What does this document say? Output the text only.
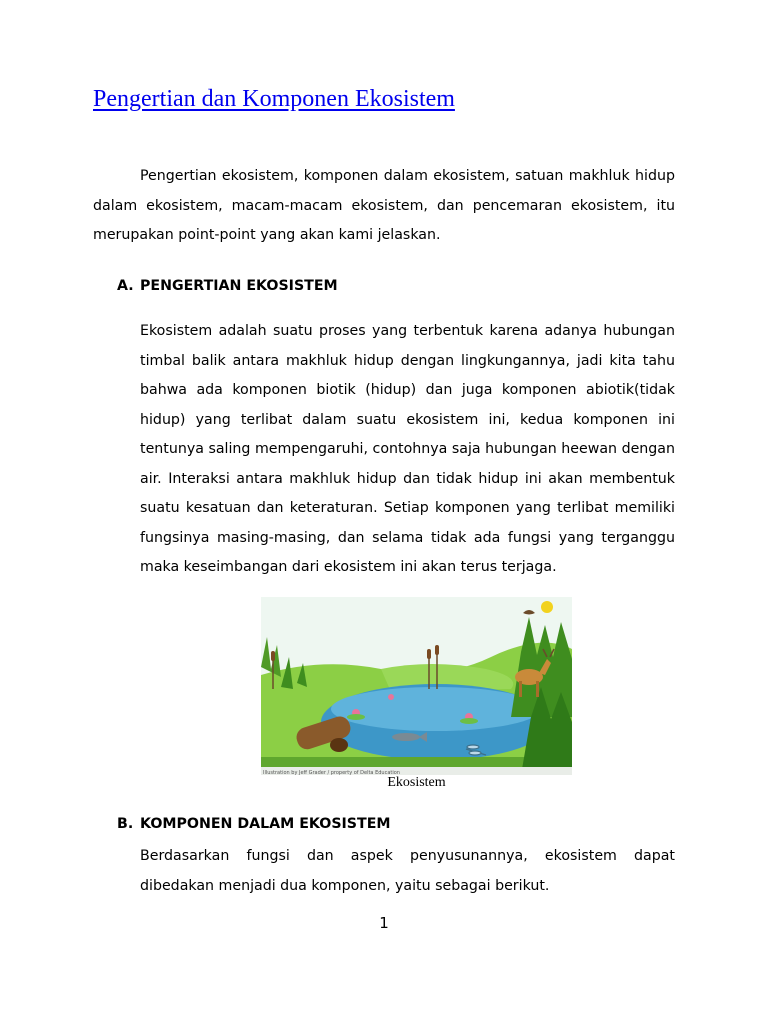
Pengertian dan Komponen Ekosistem

Pengertian ekosistem, komponen dalam ekosistem, satuan makhluk hidup dalam ekosistem, macam-macam ekosistem, dan pencemaran ekosistem, itu merupakan point-point yang akan kami jelaskan.

A. PENGERTIAN EKOSISTEM

Ekosistem adalah suatu proses yang terbentuk karena adanya hubungan timbal balik antara makhluk hidup dengan lingkungannya, jadi kita tahu bahwa ada komponen biotik (hidup) dan juga komponen abiotik(tidak hidup) yang terlibat dalam suatu ekosistem ini, kedua komponen ini tentunya saling mempengaruhi, contohnya saja hubungan heewan dengan air. Interaksi antara makhluk hidup dan tidak hidup ini akan membentuk suatu kesatuan dan keteraturan. Setiap komponen yang terlibat memiliki fungsinya masing-masing, dan selama tidak ada fungsi yang terganggu maka keseimbangan dari ekosistem ini akan terus terjaga.

Illustration by Jeff Grader / property of Delta Education
Ekosistem
B. KOMPONEN DALAM EKOSISTEM

Berdasarkan fungsi dan aspek penyusunannya, ekosistem dapat dibedakan menjadi dua komponen, yaitu sebagai berikut.

1
